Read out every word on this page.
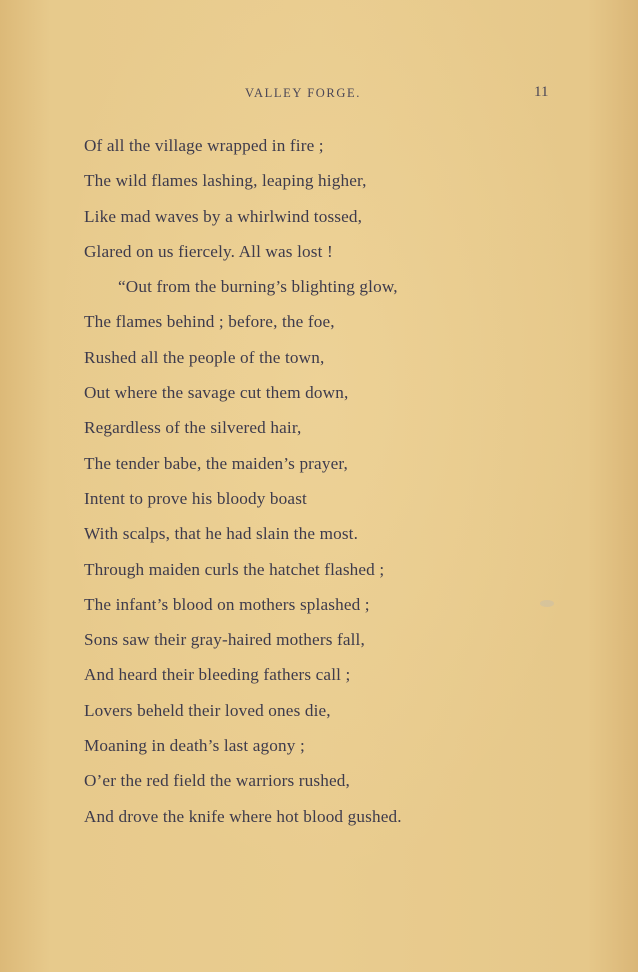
VALLEY FORGE.	11
Of all the village wrapped in fire ;
The wild flames lashing, leaping higher,
Like mad waves by a whirlwind tossed,
Glared on us fiercely. All was lost !
“Out from the burning’s blighting glow,
The flames behind ; before, the foe,
Rushed all the people of the town,
Out where the savage cut them down,
Regardless of the silvered hair,
The tender babe, the maiden’s prayer,
Intent to prove his bloody boast
With scalps, that he had slain the most.
Through maiden curls the hatchet flashed ;
The infant’s blood on mothers splashed ;
Sons saw their gray-haired mothers fall,
And heard their bleeding fathers call ;
Lovers beheld their loved ones die,
Moaning in death’s last agony ;
O’er the red field the warriors rushed,
And drove the knife where hot blood gushed.
